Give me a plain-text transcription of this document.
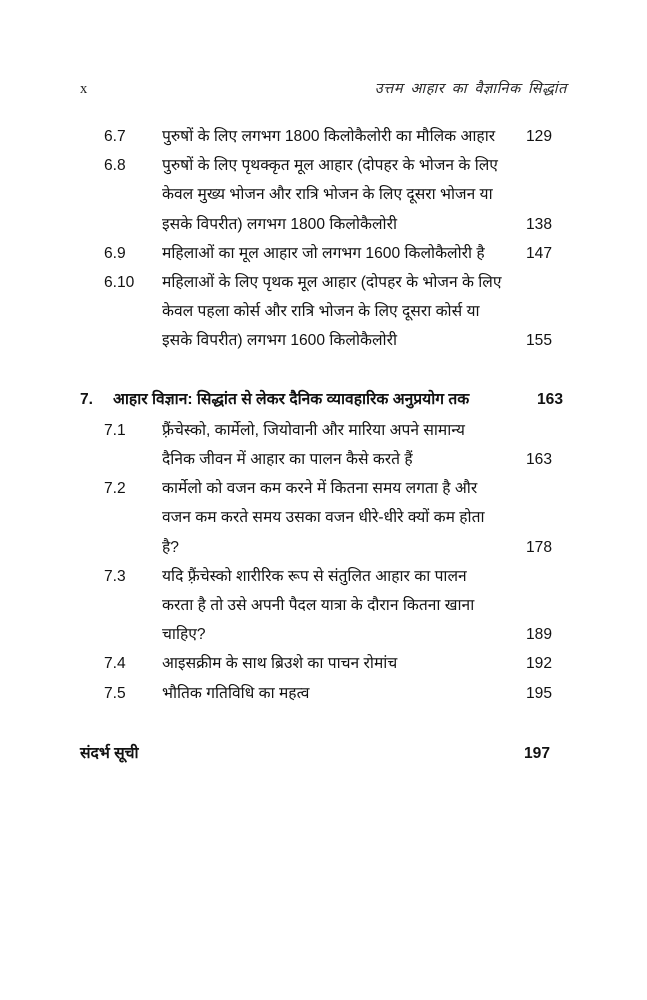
x	उत्तम आहार का वैज्ञानिक सिद्धांत
6.7	पुरुषों के लिए लगभग 1800 किलोकैलोरी का मौलिक आहार	129
6.8	पुरुषों के लिए पृथक्कृत मूल आहार (दोपहर के भोजन के लिए केवल मुख्य भोजन और रात्रि भोजन के लिए दूसरा भोजन या इसके विपरीत) लगभग 1800 किलोकैलोरी	138
6.9	महिलाओं का मूल आहार जो लगभग 1600 किलोकैलोरी है	147
6.10	महिलाओं के लिए पृथक मूल आहार (दोपहर के भोजन के लिए केवल पहला कोर्स और रात्रि भोजन के लिए दूसरा कोर्स या इसके विपरीत) लगभग 1600 किलोकैलोरी	155
7.	आहार विज्ञान: सिद्धांत से लेकर दैनिक व्यावहारिक अनुप्रयोग तक	163
7.1	फ़्रैंचेस्को, कार्मेलो, जियोवानी और मारिया अपने सामान्य दैनिक जीवन में आहार का पालन कैसे करते हैं	163
7.2	कार्मेलो को वजन कम करने में कितना समय लगता है और वजन कम करते समय उसका वजन धीरे-धीरे क्यों कम होता है?	178
7.3	यदि फ़्रैंचेस्को शारीरिक रूप से संतुलित आहार का पालन करता है तो उसे अपनी पैदल यात्रा के दौरान कितना खाना चाहिए?	189
7.4	आइसक्रीम के साथ ब्रिउशे का पाचन रोमांच	192
7.5	भौतिक गतिविधि का महत्व	195
संदर्भ सूची	197
